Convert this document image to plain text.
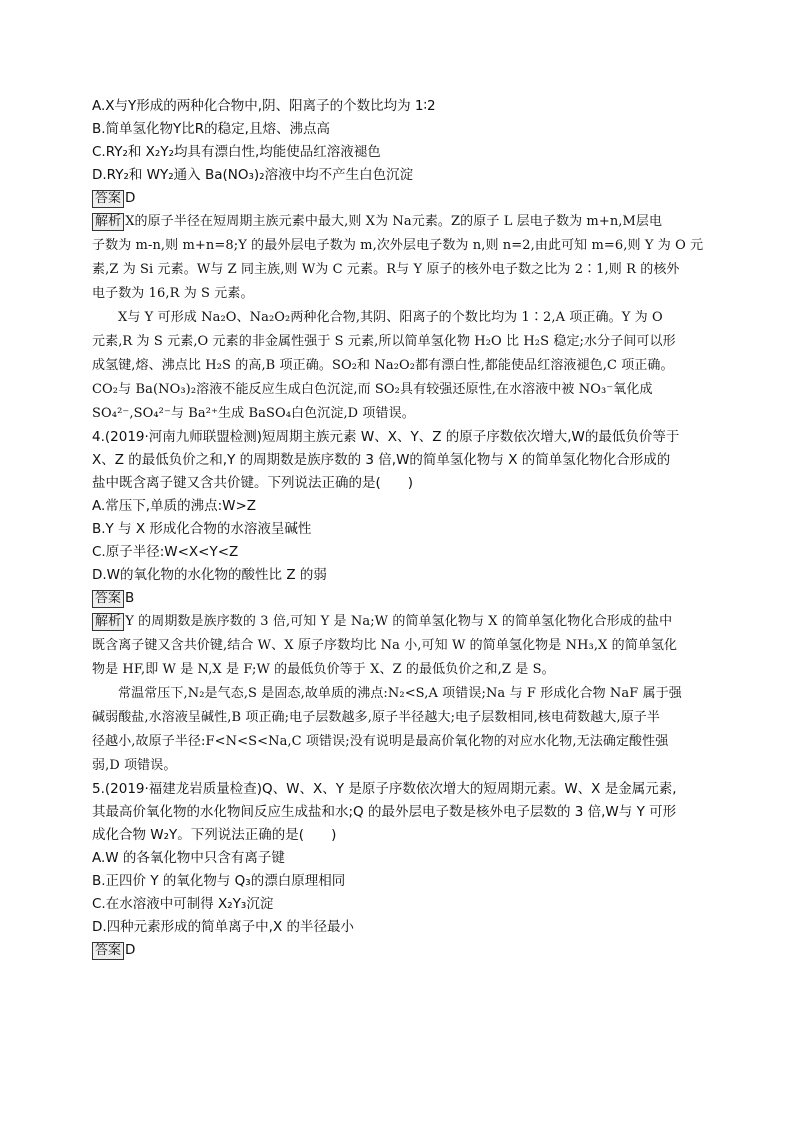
A.X与Y形成的两种化合物中,阴、阳离子的个数比均为 1∶2
B.简单氢化物Y比R的稳定,且熔、沸点高
C.RY₂和 X₂Y₂均具有漂白性,均能使品红溶液褪色
D.RY₂和 WY₂通入 Ba(NO₃)₂溶液中均不产生白色沉淀
答案 D
解析 X的原子半径在短周期主族元素中最大,则 X为 Na元素。Z的原子 L 层电子数为 m+n,M层电
子数为 m-n,则 m+n=8;Y 的最外层电子数为 m,次外层电子数为 n,则 n=2,由此可知 m=6,则 Y 为 O 元
素,Z 为 Si 元素。W与 Z 同主族,则 W为 C 元素。R与 Y 原子的核外电子数之比为 2∶1,则 R 的核外
电子数为 16,R 为 S 元素。
X与 Y 可形成 Na₂O、Na₂O₂两种化合物,其阴、阳离子的个数比均为 1∶2,A 项正确。Y 为 O
元素,R 为 S 元素,O 元素的非金属性强于 S 元素,所以简单氢化物 H₂O 比 H₂S 稳定;水分子间可以形
成氢键,熔、沸点比 H₂S 的高,B 项正确。SO₂和 Na₂O₂都有漂白性,都能使品红溶液褪色,C 项正确。
CO₂与 Ba(NO₃)₂溶液不能反应生成白色沉淀,而 SO₂具有较强还原性,在水溶液中被 NO₃⁻氧化成
SO₄²⁻,SO₄²⁻与 Ba²⁺生成 BaSO₄白色沉淀,D 项错误。
4.(2019·河南九师联盟检测)短周期主族元素 W、X、Y、Z 的原子序数依次增大,W的最低负价等于
X、Z 的最低负价之和,Y 的周期数是族序数的 3 倍,W的简单氢化物与 X 的简单氢化物化合形成的
盐中既含离子键又含共价键。下列说法正确的是(　　)
A.常压下,单质的沸点:W>Z
B.Y 与 X 形成化合物的水溶液呈碱性
C.原子半径:W<X<Y<Z
D.W的氧化物的水化物的酸性比 Z 的弱
答案 B
解析 Y 的周期数是族序数的 3 倍,可知 Y 是 Na;W 的简单氢化物与 X 的简单氢化物化合形成的盐中
既含离子键又含共价键,结合 W、X 原子序数均比 Na 小,可知 W 的简单氢化物是 NH₃,X 的简单氢化
物是 HF,即 W 是 N,X 是 F;W 的最低负价等于 X、Z 的最低负价之和,Z 是 S。
常温常压下,N₂是气态,S 是固态,故单质的沸点:N₂<S,A 项错误;Na 与 F 形成化合物 NaF 属于强
碱弱酸盐,水溶液呈碱性,B 项正确;电子层数越多,原子半径越大;电子层数相同,核电荷数越大,原子半
径越小,故原子半径:F<N<S<Na,C 项错误;没有说明是最高价氧化物的对应水化物,无法确定酸性强
弱,D 项错误。
5.(2019·福建龙岩质量检查)Q、W、X、Y 是原子序数依次增大的短周期元素。W、X 是金属元素,
其最高价氧化物的水化物间反应生成盐和水;Q 的最外层电子数是核外电子层数的 3 倍,W与 Y 可形
成化合物 W₂Y。下列说法正确的是(　　)
A.W 的各氧化物中只含有离子键
B.正四价 Y 的氧化物与 Q₃的漂白原理相同
C.在水溶液中可制得 X₂Y₃沉淀
D.四种元素形成的简单离子中,X 的半径最小
答案 D
